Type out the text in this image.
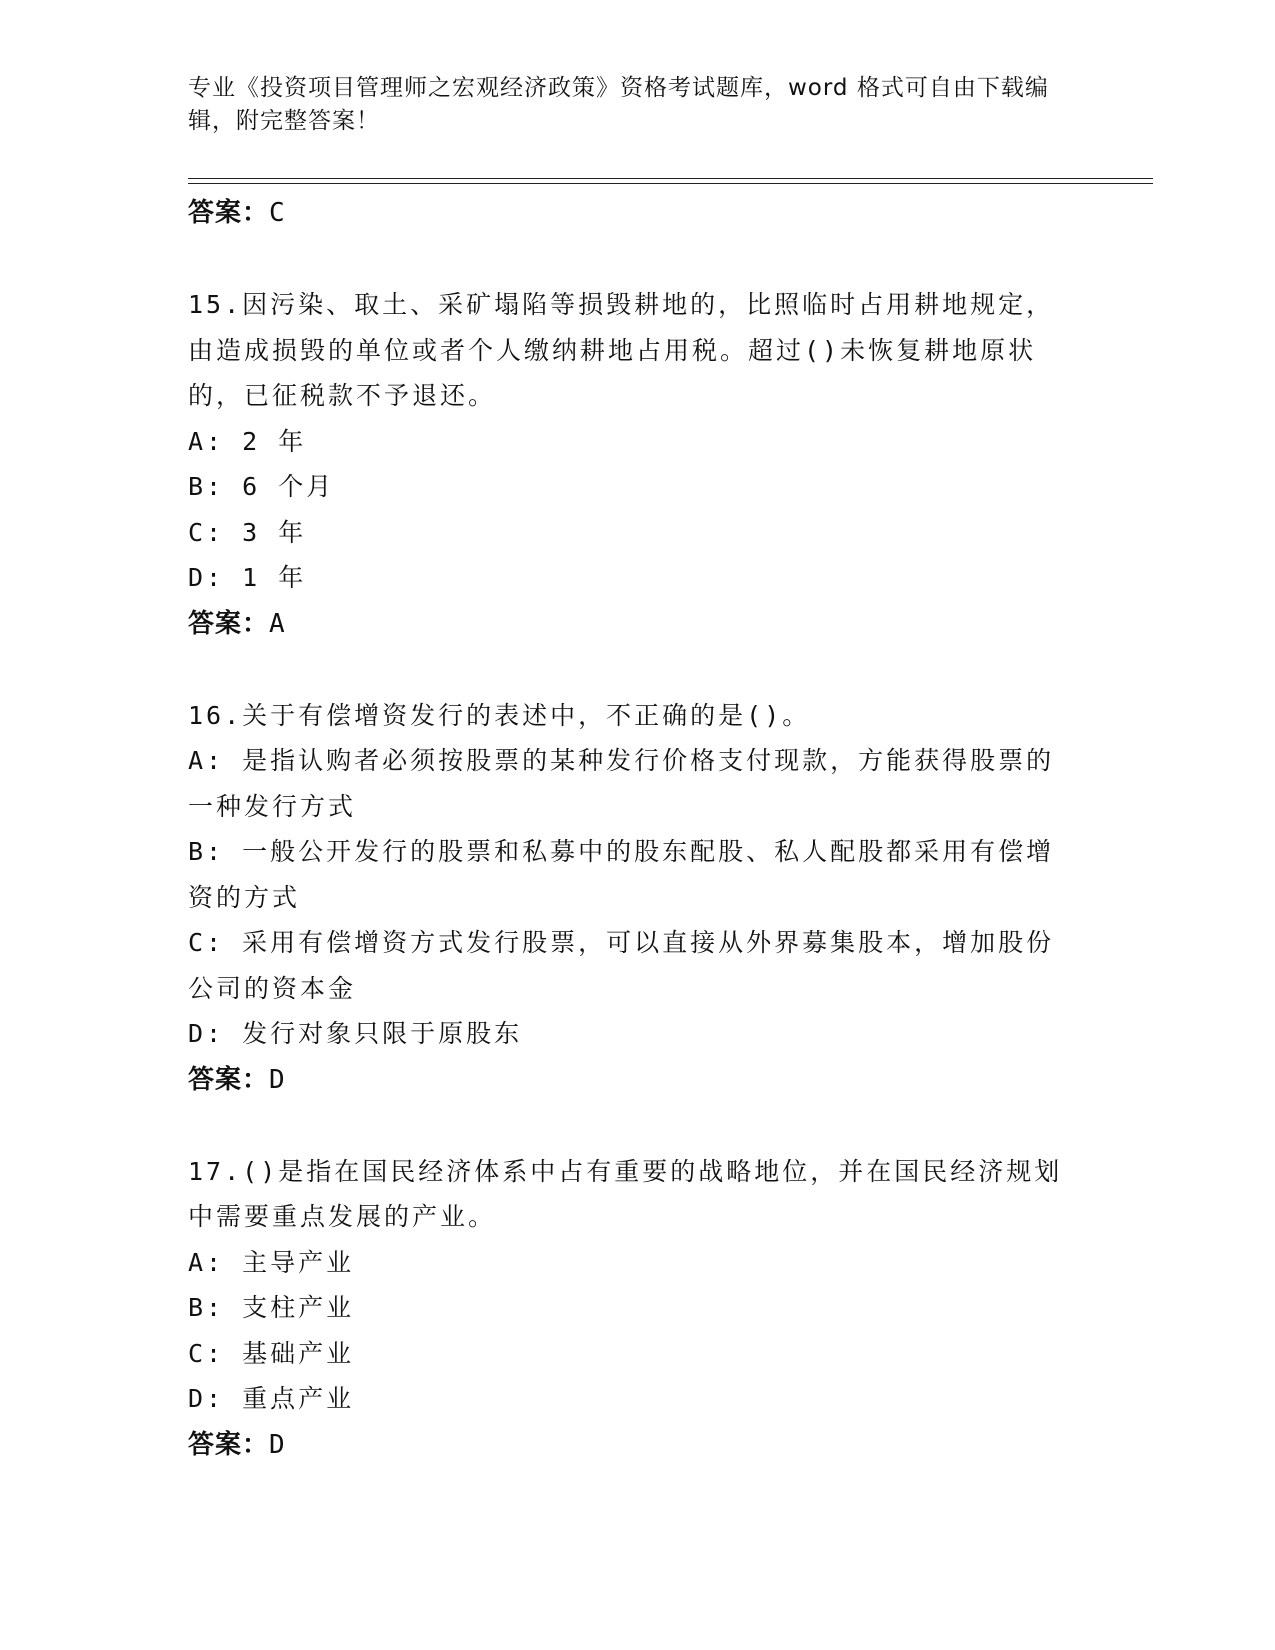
专业《投资项目管理师之宏观经济政策》资格考试题库，word 格式可自由下载编辑，附完整答案！
答案：C
15.因污染、取土、采矿塌陷等损毁耕地的，比照临时占用耕地规定，由造成损毁的单位或者个人缴纳耕地占用税。超过()未恢复耕地原状的，已征税款不予退还。
A: 2 年
B: 6 个月
C: 3 年
D: 1 年
答案：A
16.关于有偿增资发行的表述中，不正确的是()。
A: 是指认购者必须按股票的某种发行价格支付现款，方能获得股票的一种发行方式
B: 一般公开发行的股票和私募中的股东配股、私人配股都采用有偿增资的方式
C: 采用有偿增资方式发行股票，可以直接从外界募集股本，增加股份公司的资本金
D: 发行对象只限于原股东
答案：D
17.()是指在国民经济体系中占有重要的战略地位，并在国民经济规划中需要重点发展的产业。
A: 主导产业
B: 支柱产业
C: 基础产业
D: 重点产业
答案：D
